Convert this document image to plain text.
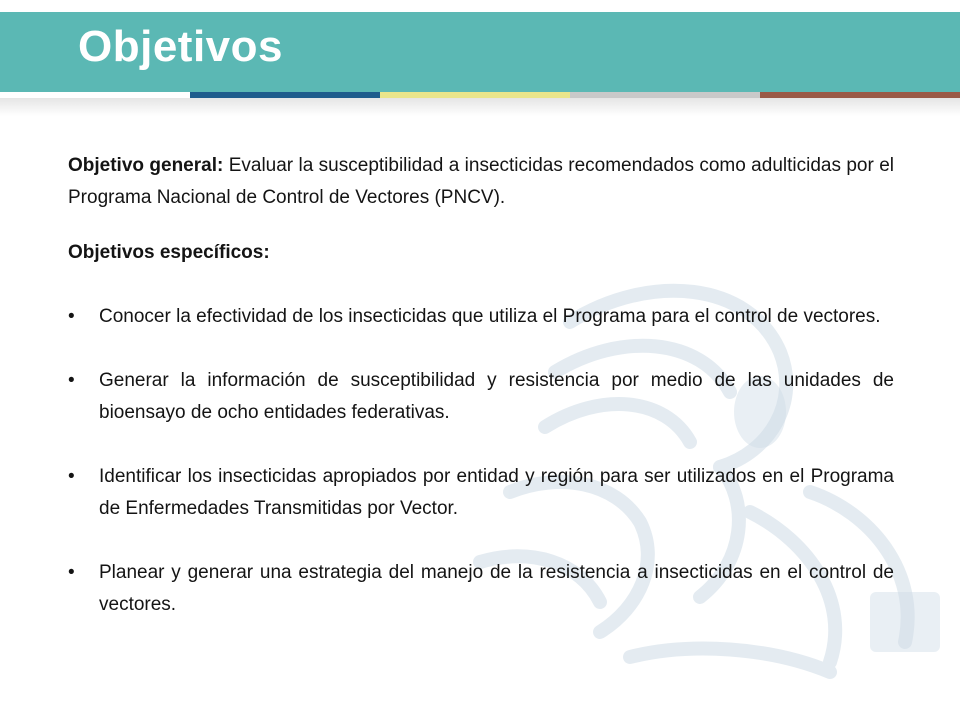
Objetivos

Objetivo general: Evaluar la susceptibilidad a insecticidas recomendados como adulticidas por el Programa Nacional de Control de Vectores (PNCV).

Objetivos específicos:

• Conocer la efectividad de los insecticidas que utiliza el Programa para el control de vectores.
• Generar la información de susceptibilidad y resistencia por medio de las unidades de bioensayo de ocho entidades federativas.
• Identificar los insecticidas apropiados por entidad y región para ser utilizados en el Programa de Enfermedades Transmitidas por Vector.
• Planear y generar una estrategia del manejo de la resistencia a insecticidas en el control de vectores.
